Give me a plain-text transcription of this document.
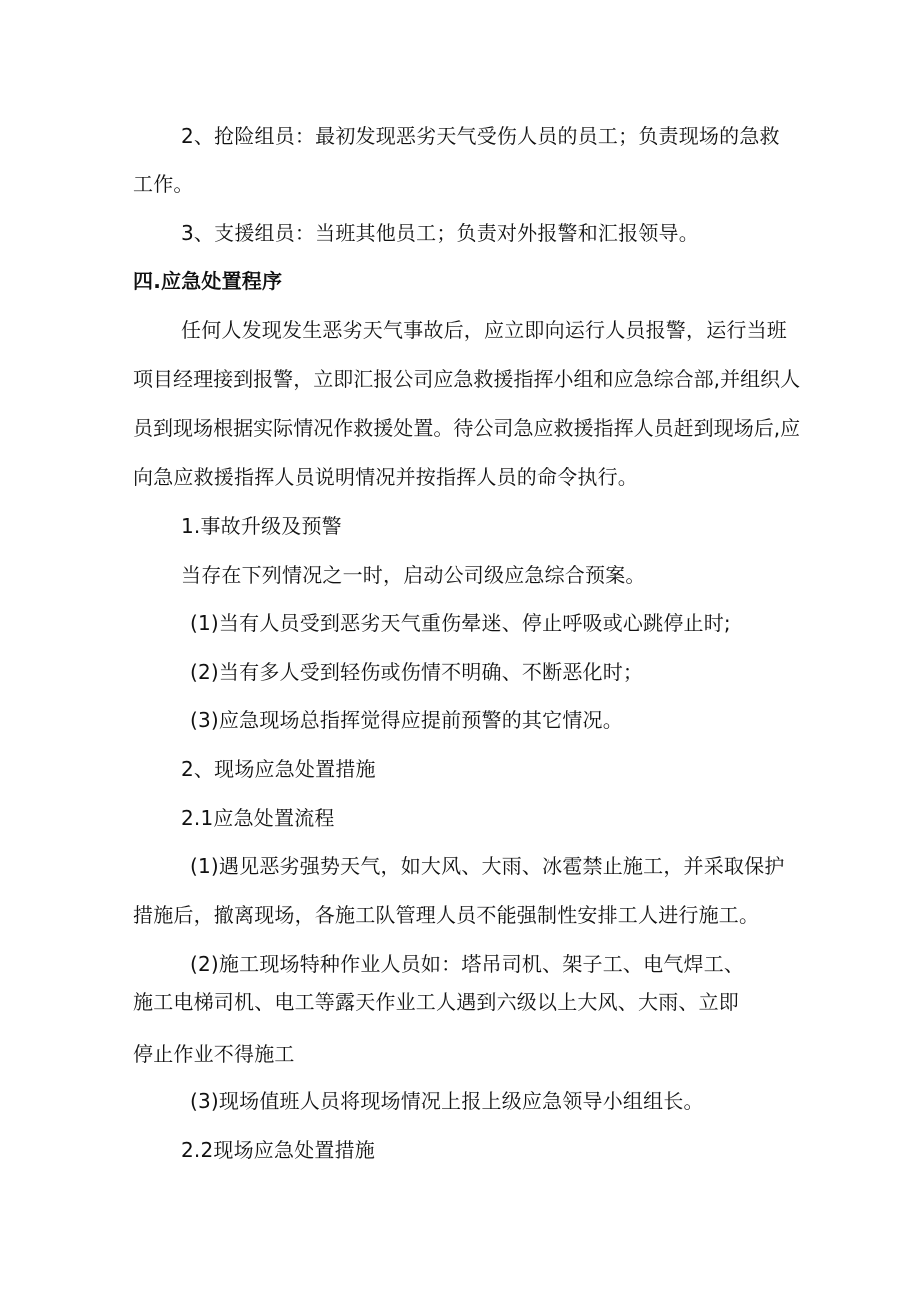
2、抢险组员：最初发现恶劣天气受伤人员的员工；负责现场的急救
工作。
3、支援组员：当班其他员工；负责对外报警和汇报领导。
四.应急处置程序
任何人发现发生恶劣天气事故后，应立即向运行人员报警，运行当班
项目经理接到报警，立即汇报公司应急救援指挥小组和应急综合部,并组织人
员到现场根据实际情况作救援处置。待公司急应救援指挥人员赶到现场后,应
向急应救援指挥人员说明情况并按指挥人员的命令执行。
1.事故升级及预警
当存在下列情况之一时，启动公司级应急综合预案。
(1)当有人员受到恶劣天气重伤晕迷、停止呼吸或心跳停止时;
(2)当有多人受到轻伤或伤情不明确、不断恶化时；
(3)应急现场总指挥觉得应提前预警的其它情况。
2、现场应急处置措施
2.1应急处置流程
(1)遇见恶劣强势天气，如大风、大雨、冰雹禁止施工，并采取保护
措施后，撤离现场，各施工队管理人员不能强制性安排工人进行施工。
(2)施工现场特种作业人员如：塔吊司机、架子工、电气焊工、
施工电梯司机、电工等露天作业工人遇到六级以上大风、大雨、立即
停止作业不得施工
(3)现场值班人员将现场情况上报上级应急领导小组组长。
2.2现场应急处置措施
